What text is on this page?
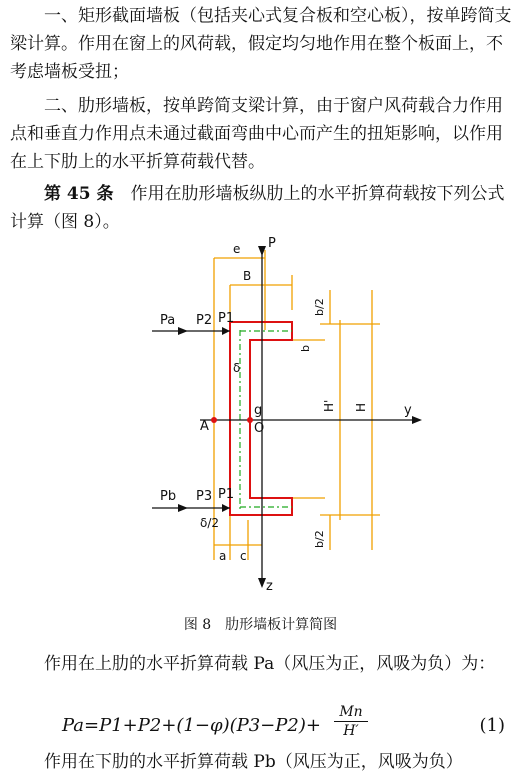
一、矩形截面墙板（包括夹心式复合板和空心板），按单跨简支梁计算。作用在窗上的风荷载，假定均匀地作用在整个板面上，不考虑墙板受扭；
二、肋形墙板，按单跨简支梁计算，由于窗户风荷载合力作用点和垂直力作用点未通过截面弯曲中心而产生的扭矩影响，以作用在上下肋上的水平折算荷载代替。
第 45 条　 作用在肋形墙板纵肋上的水平折算荷载按下列公式计算（图 8）。
P
e
B
Pa P2 P1
b/2
b
δ
y
g
A	O
H' H
Pb P3 P1
δ/2
b/2
a c
z
图 8　肋形墙板计算简图
作用在上肋的水平折算荷载 Pa（风压为正，风吸为负）为：
$Pa=P1+P2+(1-\varphi)(P3-P2)+ \frac{Mn}{H'}$	(1)
作用在下肋的水平折算荷载 Pb（风压为正，风吸为负）
